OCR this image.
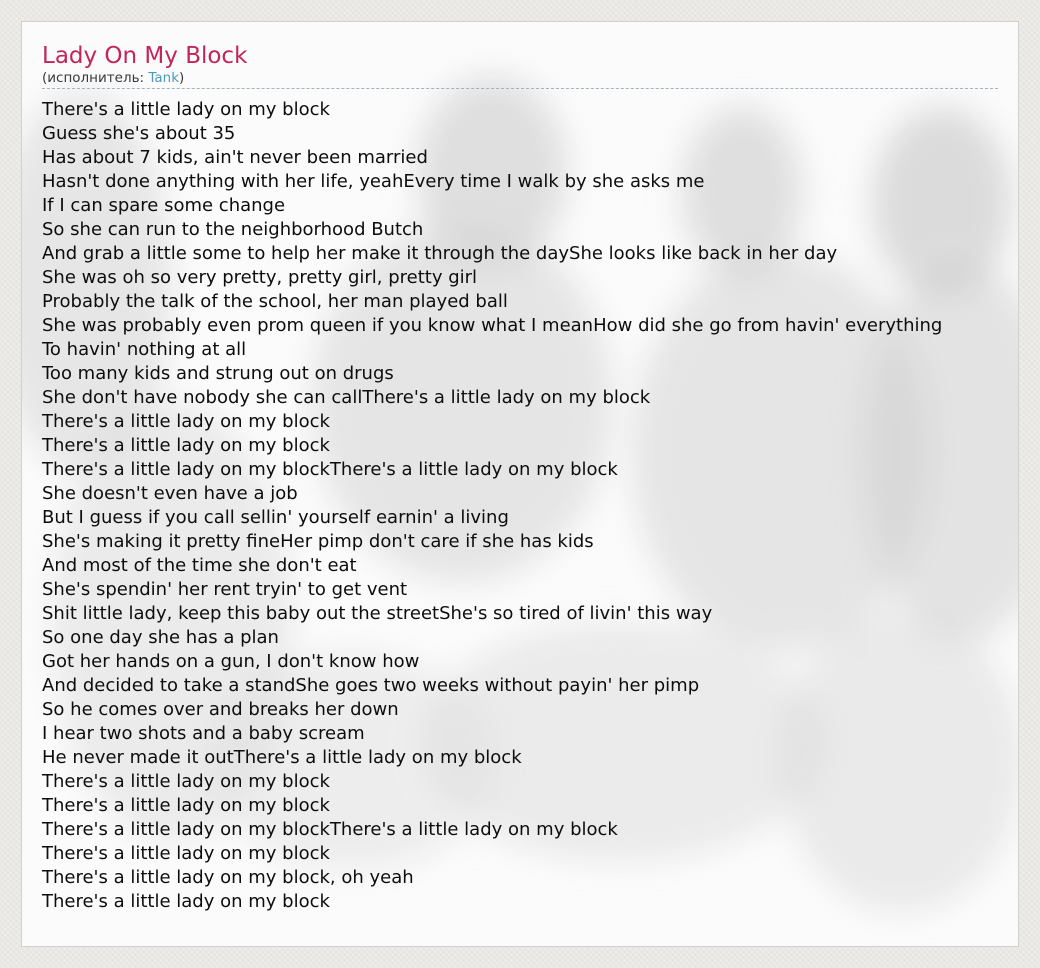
Lady On My Block
(исполнитель: Tank)
There's a little lady on my block
Guess she's about 35
Has about 7 kids, ain't never been married
Hasn't done anything with her life, yeahEvery time I walk by she asks me
If I can spare some change
So she can run to the neighborhood Butch
And grab a little some to help her make it through the dayShe looks like back in her day
She was oh so very pretty, pretty girl, pretty girl
Probably the talk of the school, her man played ball
She was probably even prom queen if you know what I meanHow did she go from havin' everything
To havin' nothing at all
Too many kids and strung out on drugs
She don't have nobody she can callThere's a little lady on my block
There's a little lady on my block
There's a little lady on my block
There's a little lady on my blockThere's a little lady on my block
She doesn't even have a job
But I guess if you call sellin' yourself earnin' a living
She's making it pretty fineHer pimp don't care if she has kids
And most of the time she don't eat
She's spendin' her rent tryin' to get vent
Shit little lady, keep this baby out the streetShe's so tired of livin' this way
So one day she has a plan
Got her hands on a gun, I don't know how
And decided to take a standShe goes two weeks without payin' her pimp
So he comes over and breaks her down
I hear two shots and a baby scream
He never made it outThere's a little lady on my block
There's a little lady on my block
There's a little lady on my block
There's a little lady on my blockThere's a little lady on my block
There's a little lady on my block
There's a little lady on my block, oh yeah
There's a little lady on my block
